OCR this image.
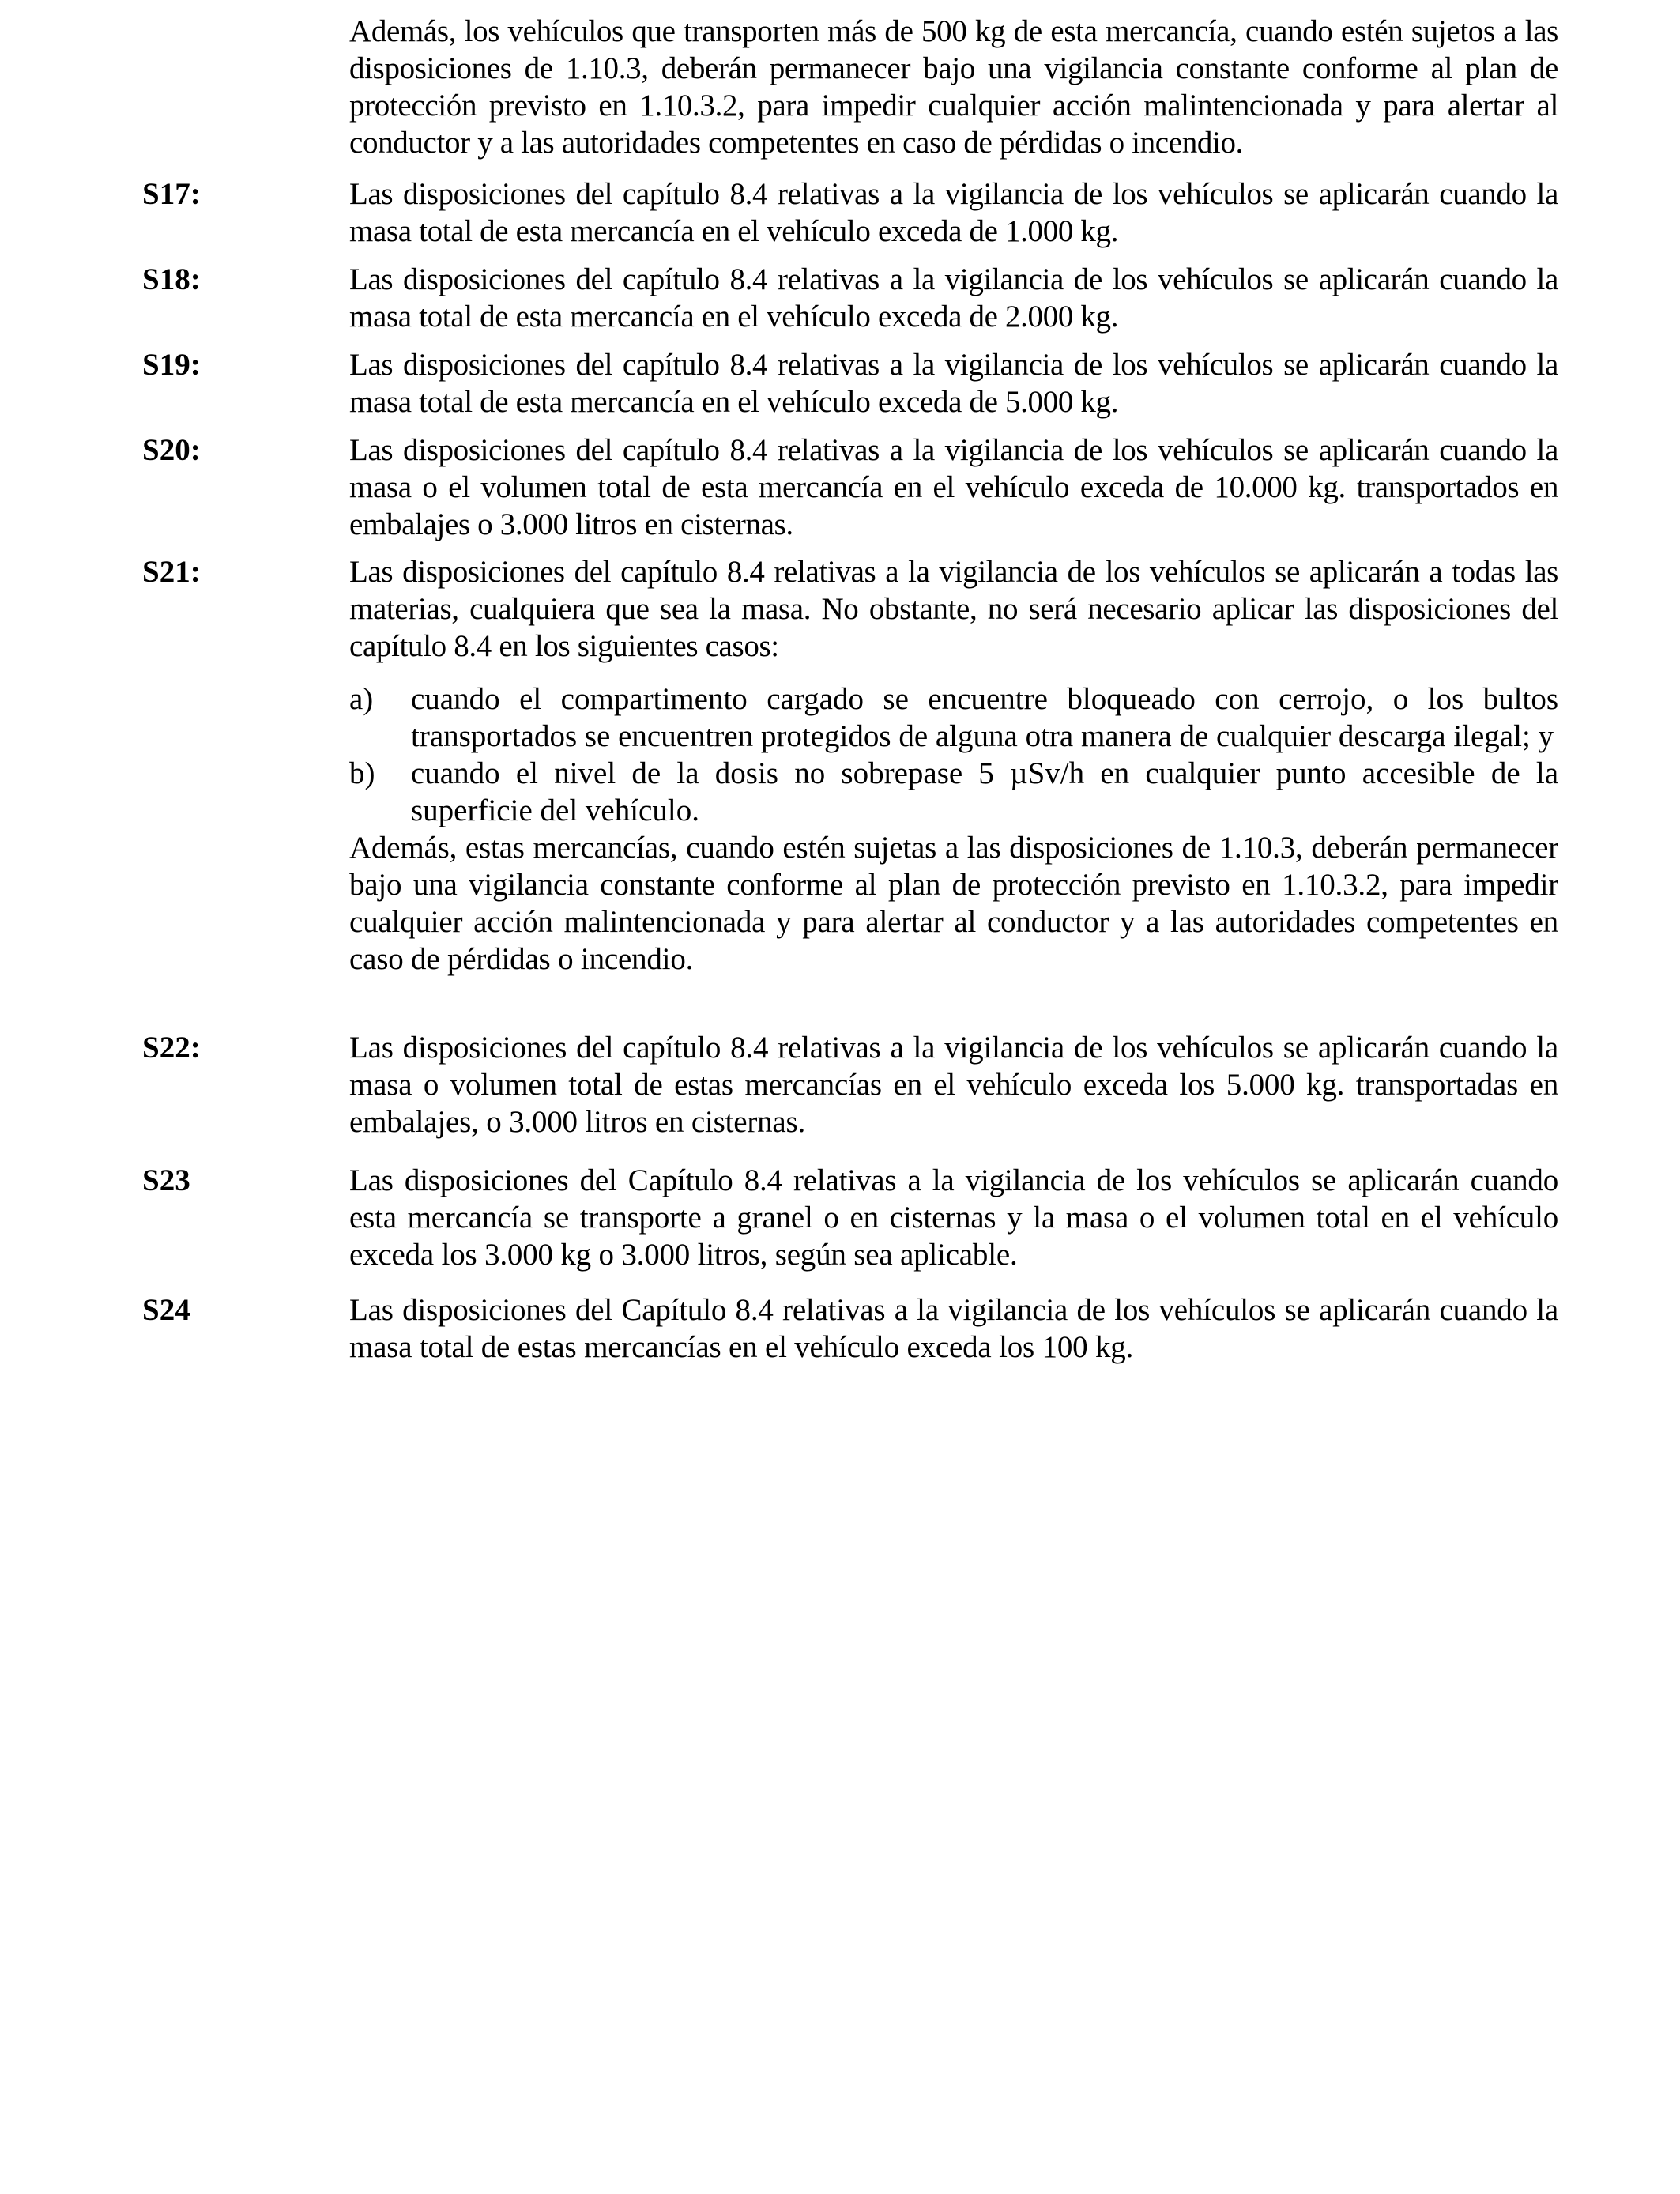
Además, los vehículos que transporten más de 500 kg de esta mercancía, cuando estén sujetos a las disposiciones de 1.10.3, deberán permanecer bajo una vigilancia constante conforme al plan de protección previsto en 1.10.3.2, para impedir cualquier acción malintencionada y para alertar al conductor y a las autoridades competentes en caso de pérdidas o incendio.

S17:	Las disposiciones del capítulo 8.4 relativas a la vigilancia de los vehículos se aplicarán cuando la masa total de esta mercancía en el vehículo exceda de 1.000 kg.

S18:	Las disposiciones del capítulo 8.4 relativas a la vigilancia de los vehículos se aplicarán cuando la masa total de esta mercancía en el vehículo exceda de 2.000 kg.

S19:	Las disposiciones del capítulo 8.4 relativas a la vigilancia de los vehículos se aplicarán cuando la masa total de esta mercancía en el vehículo exceda de 5.000 kg.

S20:	Las disposiciones del capítulo 8.4 relativas a la vigilancia de los vehículos se aplicarán cuando la masa o el volumen total de esta mercancía en el vehículo exceda de 10.000 kg. transportados en embalajes o 3.000 litros en cisternas.

S21:	Las disposiciones del capítulo 8.4 relativas a la vigilancia de los vehículos se aplicarán a todas las materias, cualquiera que sea la masa. No obstante, no será necesario aplicar las disposiciones del capítulo 8.4 en los siguientes casos:

a) cuando el compartimento cargado se encuentre bloqueado con cerrojo, o los bultos transportados se encuentren protegidos de alguna otra manera de cualquier descarga ilegal; y
b) cuando el nivel de la dosis no sobrepase 5 µSv/h en cualquier punto accesible de la superficie del vehículo.

Además, estas mercancías, cuando estén sujetas a las disposiciones de 1.10.3, deberán permanecer bajo una vigilancia constante conforme al plan de protección previsto en 1.10.3.2, para impedir cualquier acción malintencionada y para alertar al conductor y a las autoridades competentes en caso de pérdidas o incendio.

S22:	Las disposiciones del capítulo 8.4 relativas a la vigilancia de los vehículos se aplicarán cuando la masa o volumen total de estas mercancías en el vehículo exceda los 5.000 kg. transportadas en embalajes, o 3.000 litros en cisternas.

S23	Las disposiciones del Capítulo 8.4 relativas a la vigilancia de los vehículos se aplicarán cuando esta mercancía se transporte a granel o en cisternas y la masa o el volumen total en el vehículo exceda los 3.000 kg o 3.000 litros, según sea aplicable.

S24	Las disposiciones del Capítulo 8.4 relativas a la vigilancia de los vehículos se aplicarán cuando la masa total de estas mercancías en el vehículo exceda los 100 kg.
